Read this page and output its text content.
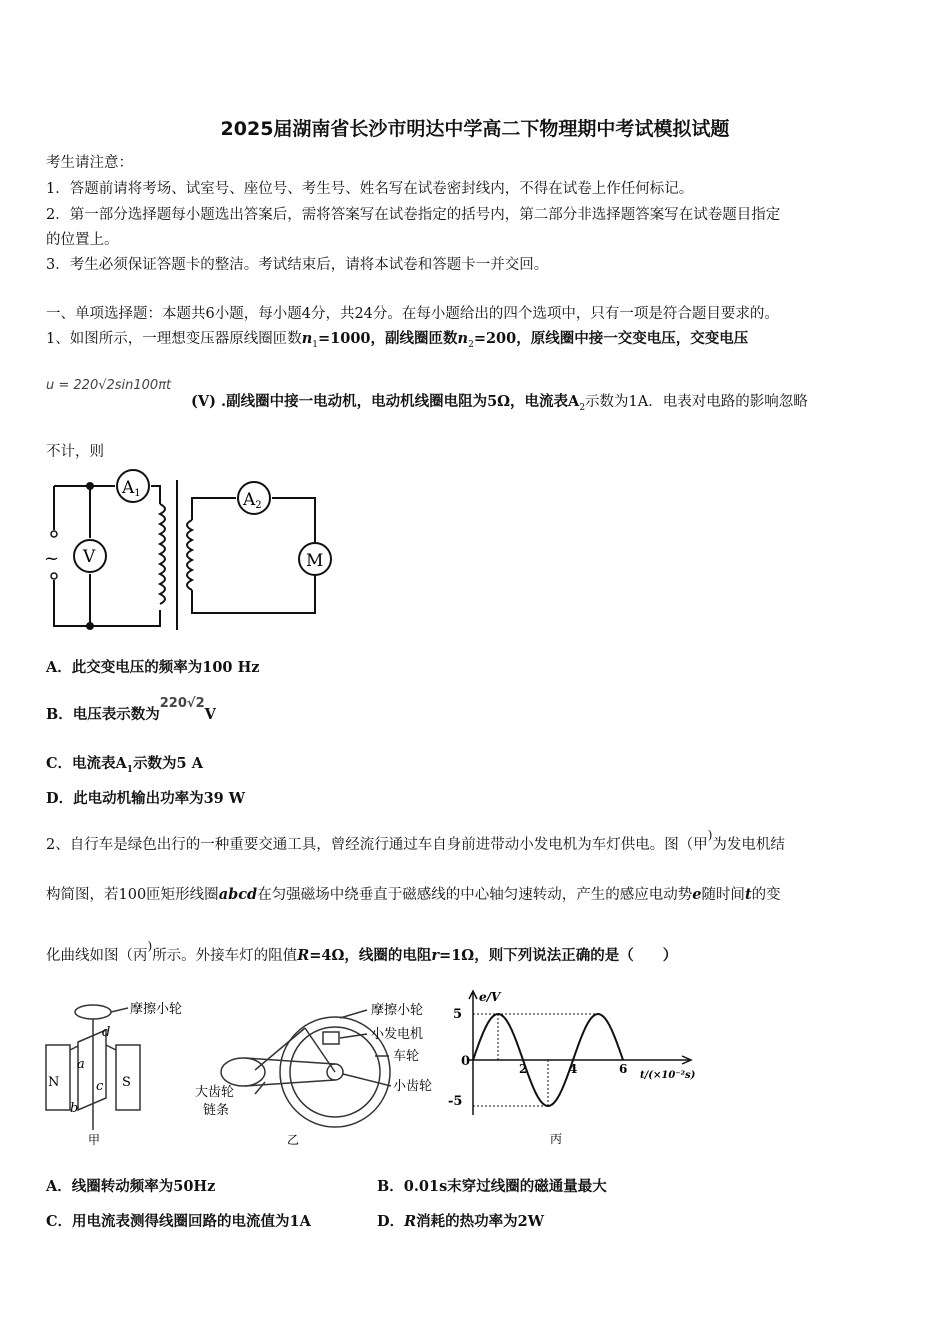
2025届湖南省长沙市明达中学高二下物理期中考试模拟试题
考生请注意：
1．答题前请将考场、试室号、座位号、考生号、姓名写在试卷密封线内，不得在试卷上作任何标记。
2．第一部分选择题每小题选出答案后，需将答案写在试卷指定的括号内，第二部分非选择题答案写在试卷题目指定
的位置上。
3．考生必须保证答题卡的整洁。考试结束后，请将本试卷和答题卡一并交回。
一、单项选择题：本题共6小题，每小题4分，共24分。在每小题给出的四个选项中，只有一项是符合题目要求的。
1、如图所示，一理想变压器原线圈匝数$n_1=1000$，副线圈匝数$n_2=200$，原线圈中接一交变电压，交变电压
u = 220√2sin100πt
(V) .副线圈中接一电动机，电动机线圈电阻为5Ω，电流表$A_2$示数为1A．电表对电路的影响忽略
不计，则
~
A1
V
A2
M
A．此交变电压的频率为100 Hz
B．电压表示数为220√2V
C．电流表$A_1$示数为5 A
D．此电动机输出功率为39 W
2、自行车是绿色出行的一种重要交通工具，曾经流行通过车自身前进带动小发电机为车灯供电。图（甲)为发电机结
构简图，若100匝矩形线圈abcd在匀强磁场中绕垂直于磁感线的中心轴匀速转动，产生的感应电动势e随时间t的变
化曲线如图（丙)所示。外接车灯的阻值R=4Ω，线圈的电阻r=1Ω，则下列说法正确的是（　　）
摩擦小轮
d
a
c
b
N	S
甲
摩擦小轮
小发电机
车轮
小齿轮
大齿轮
链条
乙
e/V
t/(×10⁻²s)
5
0
-5
2	4	6
丙
A．线圈转动频率为50Hz	B．0.01s末穿过线圈的磁通量最大
C．用电流表测得线圈回路的电流值为1A	D．R消耗的热功率为2W
